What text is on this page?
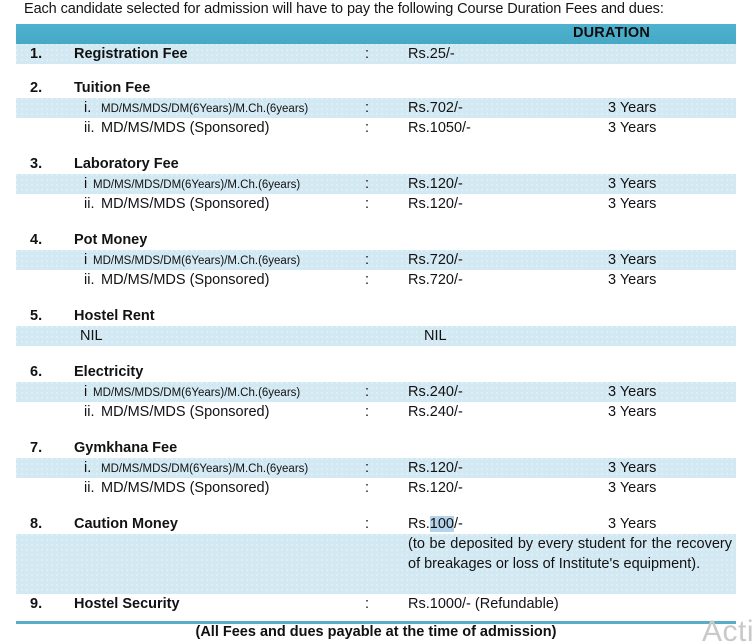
Each candidate selected for admission will have to pay the following Course Duration Fees and dues:
DURATION
1.	Registration Fee	:	Rs.25/-
2.	Tuition Fee
i. MD/MS/MDS/DM(6Years)/M.Ch.(6years)	:	Rs.702/-	3 Years
ii. MD/MS/MDS (Sponsored)	:	Rs.1050/-	3 Years
3.	Laboratory Fee
i MD/MS/MDS/DM(6Years)/M.Ch.(6years)	:	Rs.120/-	3 Years
ii. MD/MS/MDS (Sponsored)	:	Rs.120/-	3 Years
4.	Pot Money
i MD/MS/MDS/DM(6Years)/M.Ch.(6years)	:	Rs.720/-	3 Years
ii. MD/MS/MDS (Sponsored)	:	Rs.720/-	3 Years
5.	Hostel Rent
NIL	NIL
6.	Electricity
i MD/MS/MDS/DM(6Years)/M.Ch.(6years)	:	Rs.240/-	3 Years
ii. MD/MS/MDS (Sponsored)	:	Rs.240/-	3 Years
7.	Gymkhana Fee
i. MD/MS/MDS/DM(6Years)/M.Ch.(6years)	:	Rs.120/-	3 Years
ii. MD/MS/MDS (Sponsored)	:	Rs.120/-	3 Years
8.	Caution Money	:	Rs.100/-	3 Years
(to be deposited by every student for the recovery of breakages or loss of Institute's equipment).
9.	Hostel Security	:	Rs.1000/- (Refundable)
(All Fees and dues payable at the time of admission)	Acti
